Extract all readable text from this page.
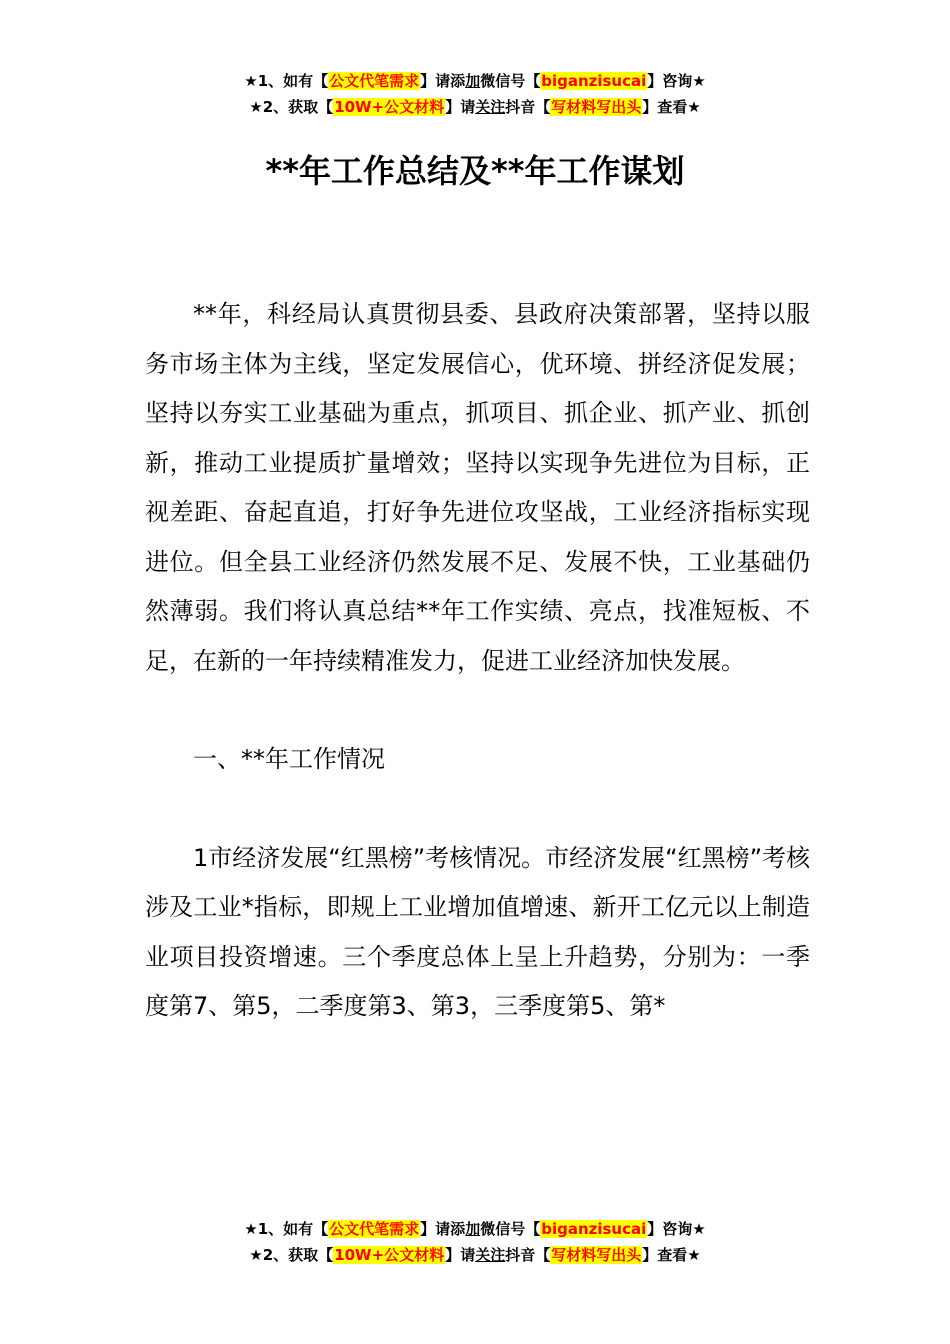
★1、如有【公文代笔需求】请添加微信号【biganzisucai】咨询★
★2、获取【10W+公文材料】请关注抖音【写材料写出头】查看★
**年工作总结及**年工作谋划

**年，科经局认真贯彻县委、县政府决策部署，坚持以服务市场主体为主线，坚定发展信心，优环境、拼经济促发展；坚持以夯实工业基础为重点，抓项目、抓企业、抓产业、抓创新，推动工业提质扩量增效；坚持以实现争先进位为目标，正视差距、奋起直追，打好争先进位攻坚战，工业经济指标实现进位。但全县工业经济仍然发展不足、发展不快，工业基础仍然薄弱。我们将认真总结**年工作实绩、亮点，找准短板、不足，在新的一年持续精准发力，促进工业经济加快发展。

一、**年工作情况

1市经济发展“红黑榜”考核情况。市经济发展“红黑榜”考核涉及工业*指标，即规上工业增加值增速、新开工亿元以上制造业项目投资增速。三个季度总体上呈上升趋势，分别为：一季度第7、第5，二季度第3、第3，三季度第5、第*

★1、如有【公文代笔需求】请添加微信号【biganzisucai】咨询★
★2、获取【10W+公文材料】请关注抖音【写材料写出头】查看★
